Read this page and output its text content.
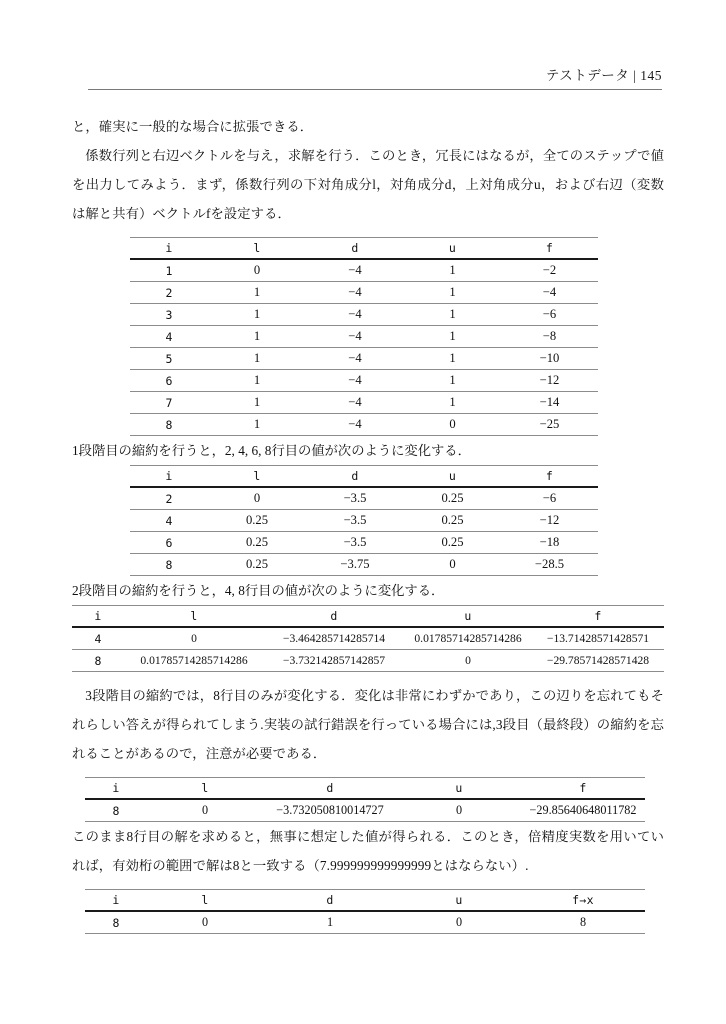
テストデータ | 145

と，確実に一般的な場合に拡張できる．

係数行列と右辺ベクトルを与え，求解を行う．このとき，冗長にはなるが，全てのステップで値を出力してみよう．まず，係数行列の下対角成分l，対角成分d，上対角成分u，および右辺（変数は解と共有）ベクトルfを設定する．

i	l	d	u	f
1	0	−4	1	−2
2	1	−4	1	−4
3	1	−4	1	−6
4	1	−4	1	−8
5	1	−4	1	−10
6	1	−4	1	−12
7	1	−4	1	−14
8	1	−4	0	−25

1段階目の縮約を行うと，2, 4, 6, 8行目の値が次のように変化する．

i	l	d	u	f
2	0	−3.5	0.25	−6
4	0.25	−3.5	0.25	−12
6	0.25	−3.5	0.25	−18
8	0.25	−3.75	0	−28.5

2段階目の縮約を行うと，4, 8行目の値が次のように変化する．

i	l	d	u	f
4	0	−3.464285714285714	0.01785714285714286	−13.71428571428571
8	0.01785714285714286	−3.732142857142857	0	−29.78571428571428

3段階目の縮約では，8行目のみが変化する．変化は非常にわずかであり，この辺りを忘れてもそれらしい答えが得られてしまう.実装の試行錯誤を行っている場合には,3段目（最終段）の縮約を忘れることがあるので，注意が必要である．

i	l	d	u	f
8	0	−3.732050810014727	0	−29.85640648011782

このまま8行目の解を求めると，無事に想定した値が得られる．このとき，倍精度実数を用いていれば，有効桁の範囲で解は8と一致する（7.999999999999999とはならない）.

i	l	d	u	f→x
8	0	1	0	8
